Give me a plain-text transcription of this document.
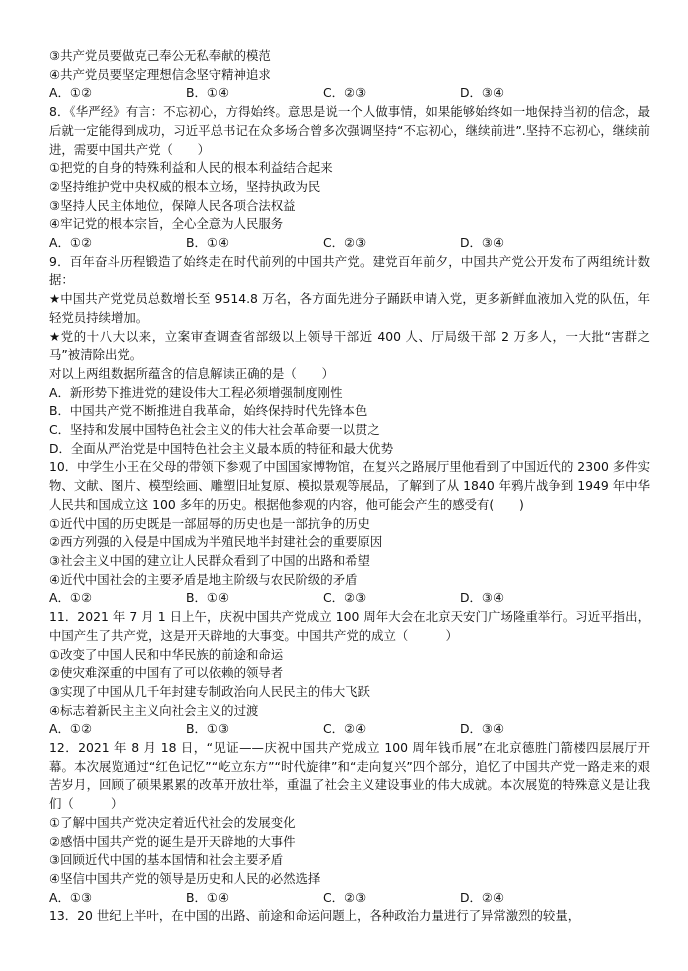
③共产党员要做克己奉公无私奉献的模范
④共产党员要坚定理想信念坚守精神追求
A．①②	B．①④	C．②③	D．③④
8．《华严经》有言：不忘初心，方得始终。意思是说一个人做事情，如果能够始终如一地保持当初的信念，最后就一定能得到成功，习近平总书记在众多场合曾多次强调坚持“不忘初心，继续前进”.坚持不忘初心，继续前进，需要中国共产党（　　）
①把党的自身的特殊利益和人民的根本利益结合起来
②坚持维护党中央权威的根本立场，坚持执政为民
③坚持人民主体地位，保障人民各项合法权益
④牢记党的根本宗旨，全心全意为人民服务
A．①②	B．①④	C．②③	D．③④
9．百年奋斗历程锻造了始终走在时代前列的中国共产党。建党百年前夕，中国共产党公开发布了两组统计数据：
★中国共产党党员总数增长至 9514.8 万名，各方面先进分子踊跃申请入党，更多新鲜血液加入党的队伍，年轻党员持续增加。
★党的十八大以来，立案审查调查省部级以上领导干部近 400 人、厅局级干部 2 万多人，一大批“害群之马”被清除出党。
对以上两组数据所蕴含的信息解读正确的是（　　）
A．新形势下推进党的建设伟大工程必须增强制度刚性
B．中国共产党不断推进自我革命，始终保持时代先锋本色
C．坚持和发展中国特色社会主义的伟大社会革命要一以贯之
D．全面从严治党是中国特色社会主义最本质的特征和最大优势
10．中学生小王在父母的带领下参观了中国国家博物馆，在复兴之路展厅里他看到了中国近代的 2300 多件实物、文献、图片、模型绘画、雕塑旧址复原、模拟景观等展品，了解到了从 1840 年鸦片战争到 1949 年中华人民共和国成立这 100 多年的历史。根据他参观的内容，他可能会产生的感受有(　　)
①近代中国的历史既是一部屈辱的历史也是一部抗争的历史
②西方列强的入侵是中国成为半殖民地半封建社会的重要原因
③社会主义中国的建立让人民群众看到了中国的出路和希望
④近代中国社会的主要矛盾是地主阶级与农民阶级的矛盾
A．①②	B．①④	C．②③	D．③④
11．2021 年 7 月 1 日上午，庆祝中国共产党成立 100 周年大会在北京天安门广场隆重举行。习近平指出，中国产生了共产党，这是开天辟地的大事变。中国共产党的成立（　　　）
①改变了中国人民和中华民族的前途和命运
②使灾难深重的中国有了可以依赖的领导者
③实现了中国从几千年封建专制政治向人民民主的伟大飞跃
④标志着新民主主义向社会主义的过渡
A．①②	B．①③	C．②④	D．③④
12．2021 年 8 月 18 日，“见证——庆祝中国共产党成立 100 周年钱币展”在北京德胜门箭楼四层展厅开幕。本次展览通过“红色记忆”“屹立东方”“时代旋律”和“走向复兴”四个部分，追忆了中国共产党一路走来的艰苦岁月，回顾了硕果累累的改革开放壮举，重温了社会主义建设事业的伟大成就。本次展览的特殊意义是让我们（　　　）
①了解中国共产党决定着近代社会的发展变化
②感悟中国共产党的诞生是开天辟地的大事件
③回顾近代中国的基本国情和社会主要矛盾
④坚信中国共产党的领导是历史和人民的必然选择
A．①③	B．①④	C．②③	D．②④
13．20 世纪上半叶，在中国的出路、前途和命运问题上，各种政治力量进行了异常激烈的较量，
